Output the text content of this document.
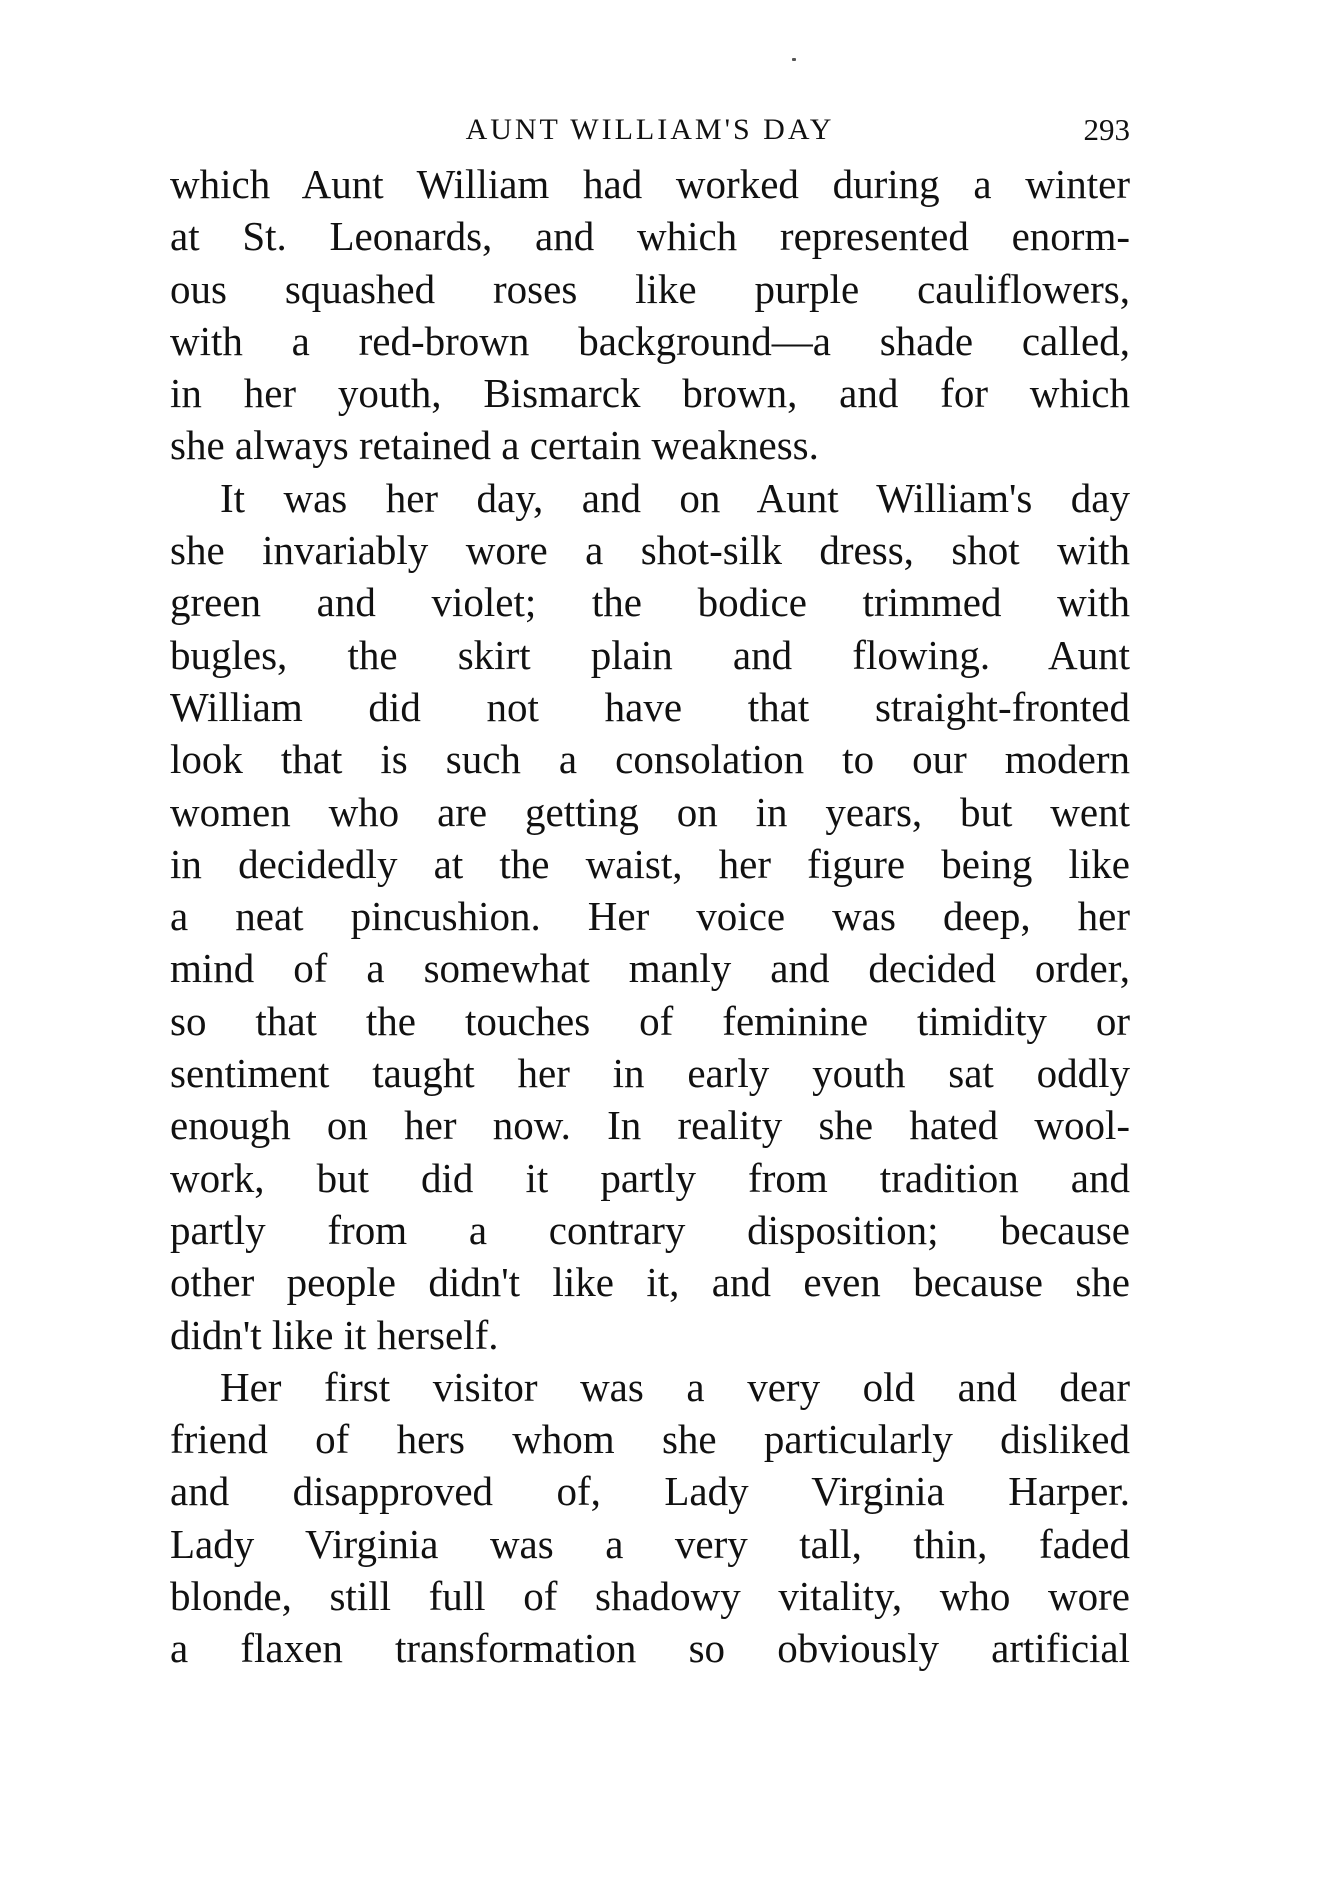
AUNT WILLIAM'S DAY	293
which Aunt William had worked during a winter
at St. Leonards, and which represented enorm-
ous squashed roses like purple cauliflowers,
with a red-brown background—a shade called,
in her youth, Bismarck brown, and for which
she always retained a certain weakness.
It was her day, and on Aunt William's day
she invariably wore a shot-silk dress, shot with
green and violet; the bodice trimmed with
bugles, the skirt plain and flowing. Aunt
William did not have that straight-fronted
look that is such a consolation to our modern
women who are getting on in years, but went
in decidedly at the waist, her figure being like
a neat pincushion. Her voice was deep, her
mind of a somewhat manly and decided order,
so that the touches of feminine timidity or
sentiment taught her in early youth sat oddly
enough on her now. In reality she hated wool-
work, but did it partly from tradition and
partly from a contrary disposition; because
other people didn't like it, and even because she
didn't like it herself.
Her first visitor was a very old and dear
friend of hers whom she particularly disliked
and disapproved of, Lady Virginia Harper.
Lady Virginia was a very tall, thin, faded
blonde, still full of shadowy vitality, who wore
a flaxen transformation so obviously artificial
